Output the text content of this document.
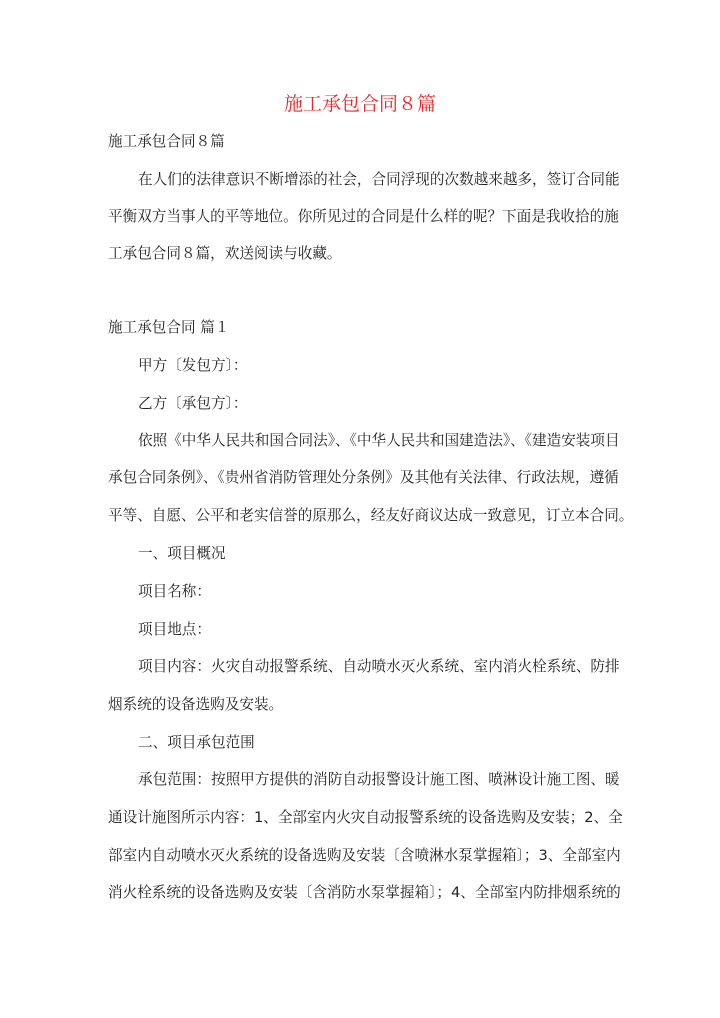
施工承包合同８篇
施工承包合同８篇
在人们的法律意识不断增添的社会，合同浮现的次数越来越多，签订合同能
平衡双方当事人的平等地位。你所见过的合同是什么样的呢？下面是我收拾的施
工承包合同８篇，欢送阅读与收藏。
施工承包合同 篇１
甲方〔发包方〕：
乙方〔承包方〕：
依照《中华人民共和国合同法》、《中华人民共和国建造法》、《建造安装项目
承包合同条例》、《贵州省消防管理处分条例》及其他有关法律、行政法规，遵循
平等、自愿、公平和老实信誉的原那么，经友好商议达成一致意见，订立本合同。
一、项目概况
项目名称：
项目地点：
项目内容：火灾自动报警系统、自动喷水灭火系统、室内消火栓系统、防排
烟系统的设备选购及安装。
二、项目承包范围
承包范围：按照甲方提供的消防自动报警设计施工图、喷淋设计施工图、暖
通设计施图所示内容：1、全部室内火灾自动报警系统的设备选购及安装；2、全
部室内自动喷水灭火系统的设备选购及安装〔含喷淋水泵掌握箱〕；3、全部室内
消火栓系统的设备选购及安装〔含消防水泵掌握箱〕；4、全部室内防排烟系统的
